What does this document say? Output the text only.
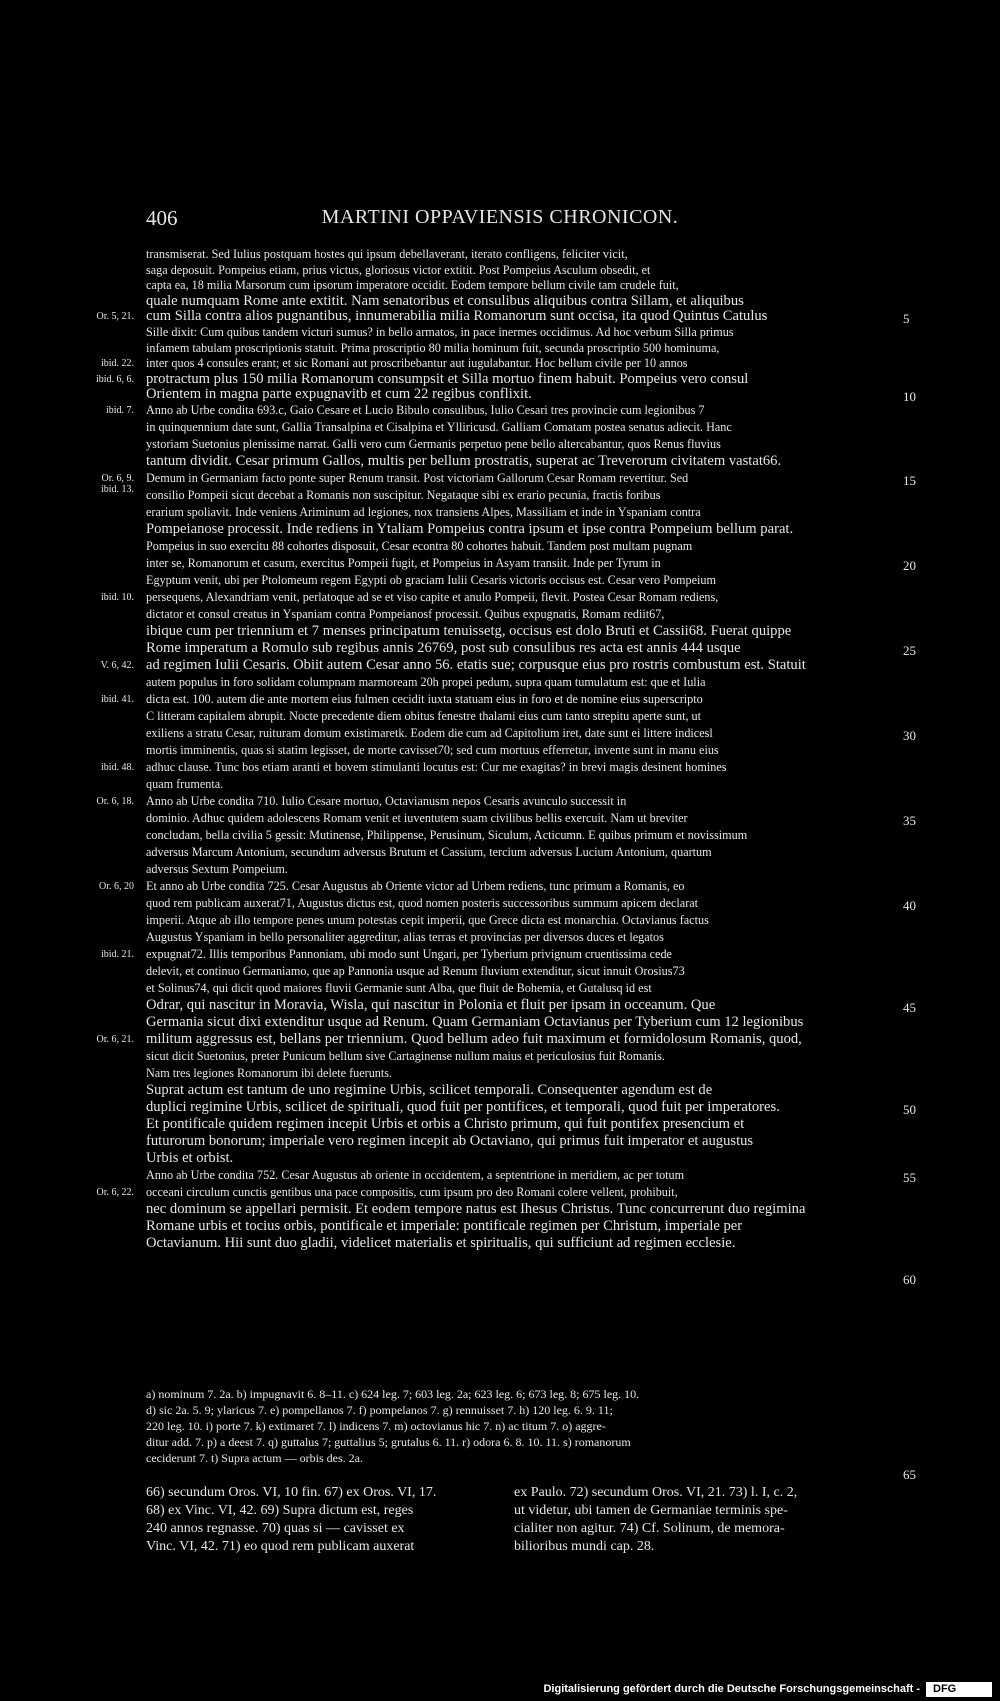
406	MARTINI OPPAVIENSIS CHRONICON.
transmiserat. Sed Iulius postquam hostes qui ipsum debellaverant, iterato confligens, feliciter vicit,
saga deposuit. Pompeius etiam, prius victus, gloriosus victor extitit. Post Pompeius Asculum obsedit, et
capta ea, 18 milia Marsorum cum ipsorum imperatore occidit. Eodem tempore bellum civile tam crudele fuit,
quale numquam Rome ante extitit. Nam senatoribus et consulibus aliquibus contra Sillam, et aliquibus
cum Silla contra alios pugnantibus, innumerabilia milia Romanorum sunt occisa, ita quod Quintus Catulus
Sille dixit: Cum quibus tandem victuri sumus? in bello armatos, in pace inermes occidimus. Ad hoc verbum Silla primus
infamem tabulam proscriptionis statuit. Prima proscriptio 80 milia hominum fuit, secunda proscriptio 500 hominuma,
inter quos 4 consules erant; et sic Romani aut proscribebantur aut iugulabantur. Hoc bellum civile per 10 annos
protractum plus 150 milia Romanorum consumpsit et Silla mortuo finem habuit. Pompeius vero consul
Orientem in magna parte expugnavitb et cum 22 regibus conflixit.
Anno ab Urbe condita 693.c, Gaio Cesare et Lucio Bibulo consulibus, Iulio Cesari tres provincie cum legionibus 7
in quinquennium date sunt, Gallia Transalpina et Cisalpina et Ylliricusd. Galliam Comatam postea senatus adiecit. Hanc
ystoriam Suetonius plenissime narrat. Galli vero cum Germanis perpetuo pene bello altercabantur, quos Renus fluvius
tantum dividit. Cesar primum Gallos, multis per bellum prostratis, superat ac Treverorum civitatem vastat66.
Demum in Germaniam facto ponte super Renum transit. Post victoriam Gallorum Cesar Romam revertitur. Sed
consilio Pompeii sicut decebat a Romanis non suscipitur. Negataque sibi ex erario pecunia, fractis foribus
erarium spoliavit. Inde veniens Ariminum ad legiones, nox transiens Alpes, Massiliam et inde in Yspaniam contra
Pompeianose processit. Inde rediens in Ytaliam Pompeius contra ipsum et ipse contra Pompeium bellum parat.
Pompeius in suo exercitu 88 cohortes disposuit, Cesar econtra 80 cohortes habuit. Tandem post multam pugnam
inter se, Romanorum et casum, exercitus Pompeii fugit, et Pompeius in Asyam transiit. Inde per Tyrum in
Egyptum venit, ubi per Ptolomeum regem Egypti ob graciam Iulii Cesaris victoris occisus est. Cesar vero Pompeium
persequens, Alexandriam venit, perlatoque ad se et viso capite et anulo Pompeii, flevit. Postea Cesar Romam rediens,
dictator et consul creatus in Yspaniam contra Pompeianosf processit. Quibus expugnatis, Romam rediit67,
ibique cum per triennium et 7 menses principatum tenuissetg, occisus est dolo Bruti et Cassii68. Fuerat quippe
Rome imperatum a Romulo sub regibus annis 26769, post sub consulibus res acta est annis 444 usque
ad regimen Iulii Cesaris. Obiit autem Cesar anno 56. etatis sue; corpusque eius pro rostris combustum est. Statuit
autem populus in foro solidam columpnam marmoream 20h propei pedum, supra quam tumulatum est: que et Iulia
dicta est. 100. autem die ante mortem eius fulmen cecidit iuxta statuam eius in foro et de nomine eius superscripto
C litteram capitalem abrupit. Nocte precedente diem obitus fenestre thalami eius cum tanto strepitu aperte sunt, ut
exiliens a stratu Cesar, ruituram domum existimaretk. Eodem die cum ad Capitolium iret, date sunt ei littere indicesl
mortis imminentis, quas si statim legisset, de morte cavisset70; sed cum mortuus efferretur, invente sunt in manu eius
adhuc clause. Tunc bos etiam aranti et bovem stimulanti locutus est: Cur me exagitas? in brevi magis desinent homines
quam frumenta.
Anno ab Urbe condita 710. Iulio Cesare mortuo, Octavianusm nepos Cesaris avunculo successit in
dominio. Adhuc quidem adolescens Romam venit et iuventutem suam civilibus bellis exercuit. Nam ut breviter
concludam, bella civilia 5 gessit: Mutinense, Philippense, Perusinum, Siculum, Acticumn. E quibus primum et novissimum
adversus Marcum Antonium, secundum adversus Brutum et Cassium, tercium adversus Lucium Antonium, quartum
adversus Sextum Pompeium.
Et anno ab Urbe condita 725. Cesar Augustus ab Oriente victor ad Urbem rediens, tunc primum a Romanis, eo
quod rem publicam auxerat71, Augustus dictus est, quod nomen posteris successoribus summum apicem declarat
imperii. Atque ab illo tempore penes unum potestas cepit imperii, que Grece dicta est monarchia. Octavianus factus
Augustus Yspaniam in bello personaliter aggreditur, alias terras et provincias per diversos duces et legatos
expugnat72. Illis temporibus Pannoniam, ubi modo sunt Ungari, per Tyberium privignum cruentissima cede
delevit, et continuo Germaniamo, que ap Pannonia usque ad Renum fluvium extenditur, sicut innuit Orosius73
et Solinus74, qui dicit quod maiores fluvii Germanie sunt Alba, que fluit de Bohemia, et Gutalusq id est
Odrar, qui nascitur in Moravia, Wisla, qui nascitur in Polonia et fluit per ipsam in occeanum. Que
Germania sicut dixi extenditur usque ad Renum. Quam Germaniam Octavianus per Tyberium cum 12 legionibus
militum aggressus est, bellans per triennium. Quod bellum adeo fuit maximum et formidolosum Romanis, quod,
sicut dicit Suetonius, preter Punicum bellum sive Cartaginense nullum maius et periculosius fuit Romanis.
Nam tres legiones Romanorum ibi delete fuerunts.
Suprat actum est tantum de uno regimine Urbis, scilicet temporali. Consequenter agendum est de
duplici regimine Urbis, scilicet de spirituali, quod fuit per pontifices, et temporali, quod fuit per imperatores.
Et pontificale quidem regimen incepit Urbis et orbis a Christo primum, qui fuit pontifex presencium et
futurorum bonorum; imperiale vero regimen incepit ab Octaviano, qui primus fuit imperator et augustus
Urbis et orbist.
Anno ab Urbe condita 752. Cesar Augustus ab oriente in occidentem, a septentrione in meridiem, ac per totum
occeani circulum cunctis gentibus una pace compositis, cum ipsum pro deo Romani colere vellent, prohibuit,
nec dominum se appellari permisit. Et eodem tempore natus est Ihesus Christus. Tunc concurrerunt duo regimina
Romane urbis et tocius orbis, pontificale et imperiale: pontificale regimen per Christum, imperiale per
Octavianum. Hii sunt duo gladii, videlicet materialis et spiritualis, qui sufficiunt ad regimen ecclesie.
a) nominum 7. 2a. b) impugnavit 6. 8–11. c) 624 leg. 7; 603 leg. 2a; 623 leg. 6; 673 leg. 8; 675 leg. 10.
d) sic 2a. 5. 9; ylaricus 7. e) pompellanos 7. f) pompelanos 7. g) rennuisset 7. h) 120 leg. 6. 9. 11;
220 leg. 10. i) porte 7. k) extimaret 7. l) indicens 7. m) octovianus hic 7. n) ac titum 7. o) aggre-
ditur add. 7. p) a deest 7. q) guttalus 7; guttalius 5; grutalus 6. 11. r) odora 6. 8. 10. 11. s) romanorum
ceciderunt 7. t) Supra actum — orbis des. 2a.
65
66) secundum Oros. VI, 10 fin. 67) ex Oros. VI, 17.
68) ex Vinc. VI, 42. 69) Supra dictum est, reges
240 annos regnasse. 70) quas si — cavisset ex
Vinc. VI, 42. 71) eo quod rem publicam auxerat
ex Paulo. 72) secundum Oros. VI, 21. 73) l. I, c. 2,
ut videtur, ubi tamen de Germaniae terminis spe-
cialiter non agitur. 74) Cf. Solinum, de memora-
bilioribus mundi cap. 28.
Digitalisierung gefördert durch die Deutsche Forschungsgemeinschaft - DFG
Or. 5, 21.
ibid. 22.
ibid. 6, 6.
ibid. 7.
Or. 6, 9.
ibid. 10.
V. 6, 42.
ibid. 41.
ibid. 48.
Or. 6, 18.
Or. 6, 20
ibid. 21.
Or. 6, 21.
Or. 6, 22.
ibid. 13.
5
10
15
20
25
30
35
40
45
50
55
60
